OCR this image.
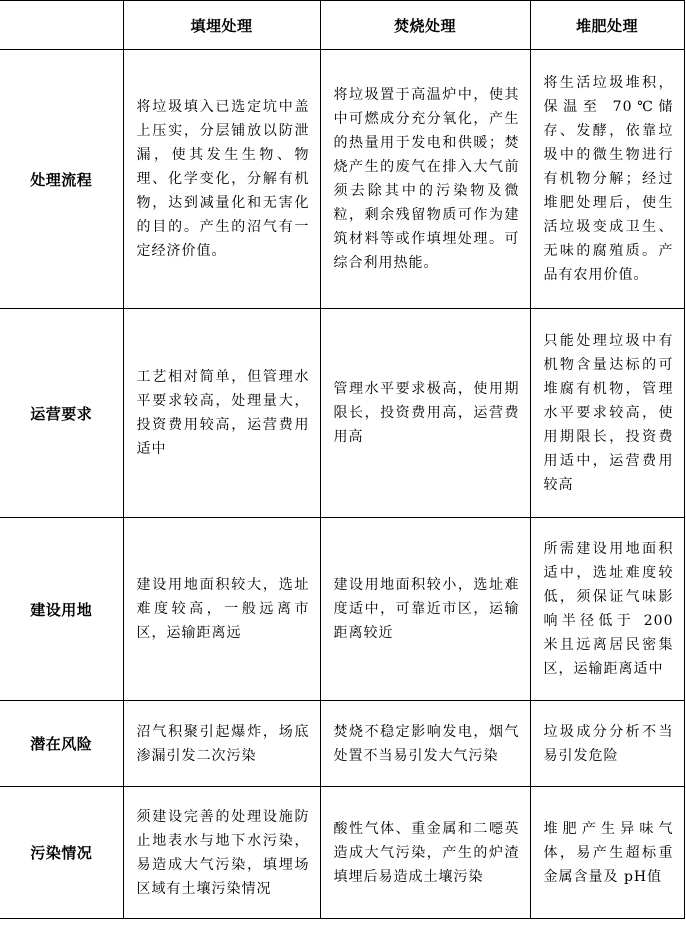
	填埋处理	焚烧处理	堆肥处理
处理流程	将垃圾填入已选定坑中盖上压实，分层铺放以防泄漏，使其发生生物、物理、化学变化，分解有机物，达到减量化和无害化的目的。产生的沼气有一定经济价值。	将垃圾置于高温炉中，使其中可燃成分充分氧化，产生的热量用于发电和供暖；焚烧产生的废气在排入大气前须去除其中的污染物及微粒，剩余残留物质可作为建筑材料等或作填埋处理。可综合利用热能。	将生活垃圾堆积，保温至 70℃储存、发酵，依靠垃圾中的微生物进行有机物分解；经过堆肥处理后，使生活垃圾变成卫生、无味的腐殖质。产品有农用价值。
运营要求	工艺相对简单，但管理水平要求较高，处理量大，投资费用较高，运营费用适中	管理水平要求极高，使用期限长，投资费用高，运营费用高	只能处理垃圾中有机物含量达标的可堆腐有机物，管理水平要求较高，使用期限长，投资费用适中，运营费用较高
建设用地	建设用地面积较大，选址难度较高，一般远离市区，运输距离远	建设用地面积较小，选址难度适中，可靠近市区，运输距离较近	所需建设用地面积适中，选址难度较低，须保证气味影响半径低于 200 米且远离居民密集区，运输距离适中
潜在风险	沼气积聚引起爆炸，场底渗漏引发二次污染	焚烧不稳定影响发电，烟气处置不当易引发大气污染	垃圾成分分析不当易引发危险
污染情况	须建设完善的处理设施防止地表水与地下水污染，易造成大气污染，填埋场区域有土壤污染情况	酸性气体、重金属和二噁英造成大气污染，产生的炉渣填埋后易造成土壤污染	堆肥产生异味气体，易产生超标重金属含量及 pH值
